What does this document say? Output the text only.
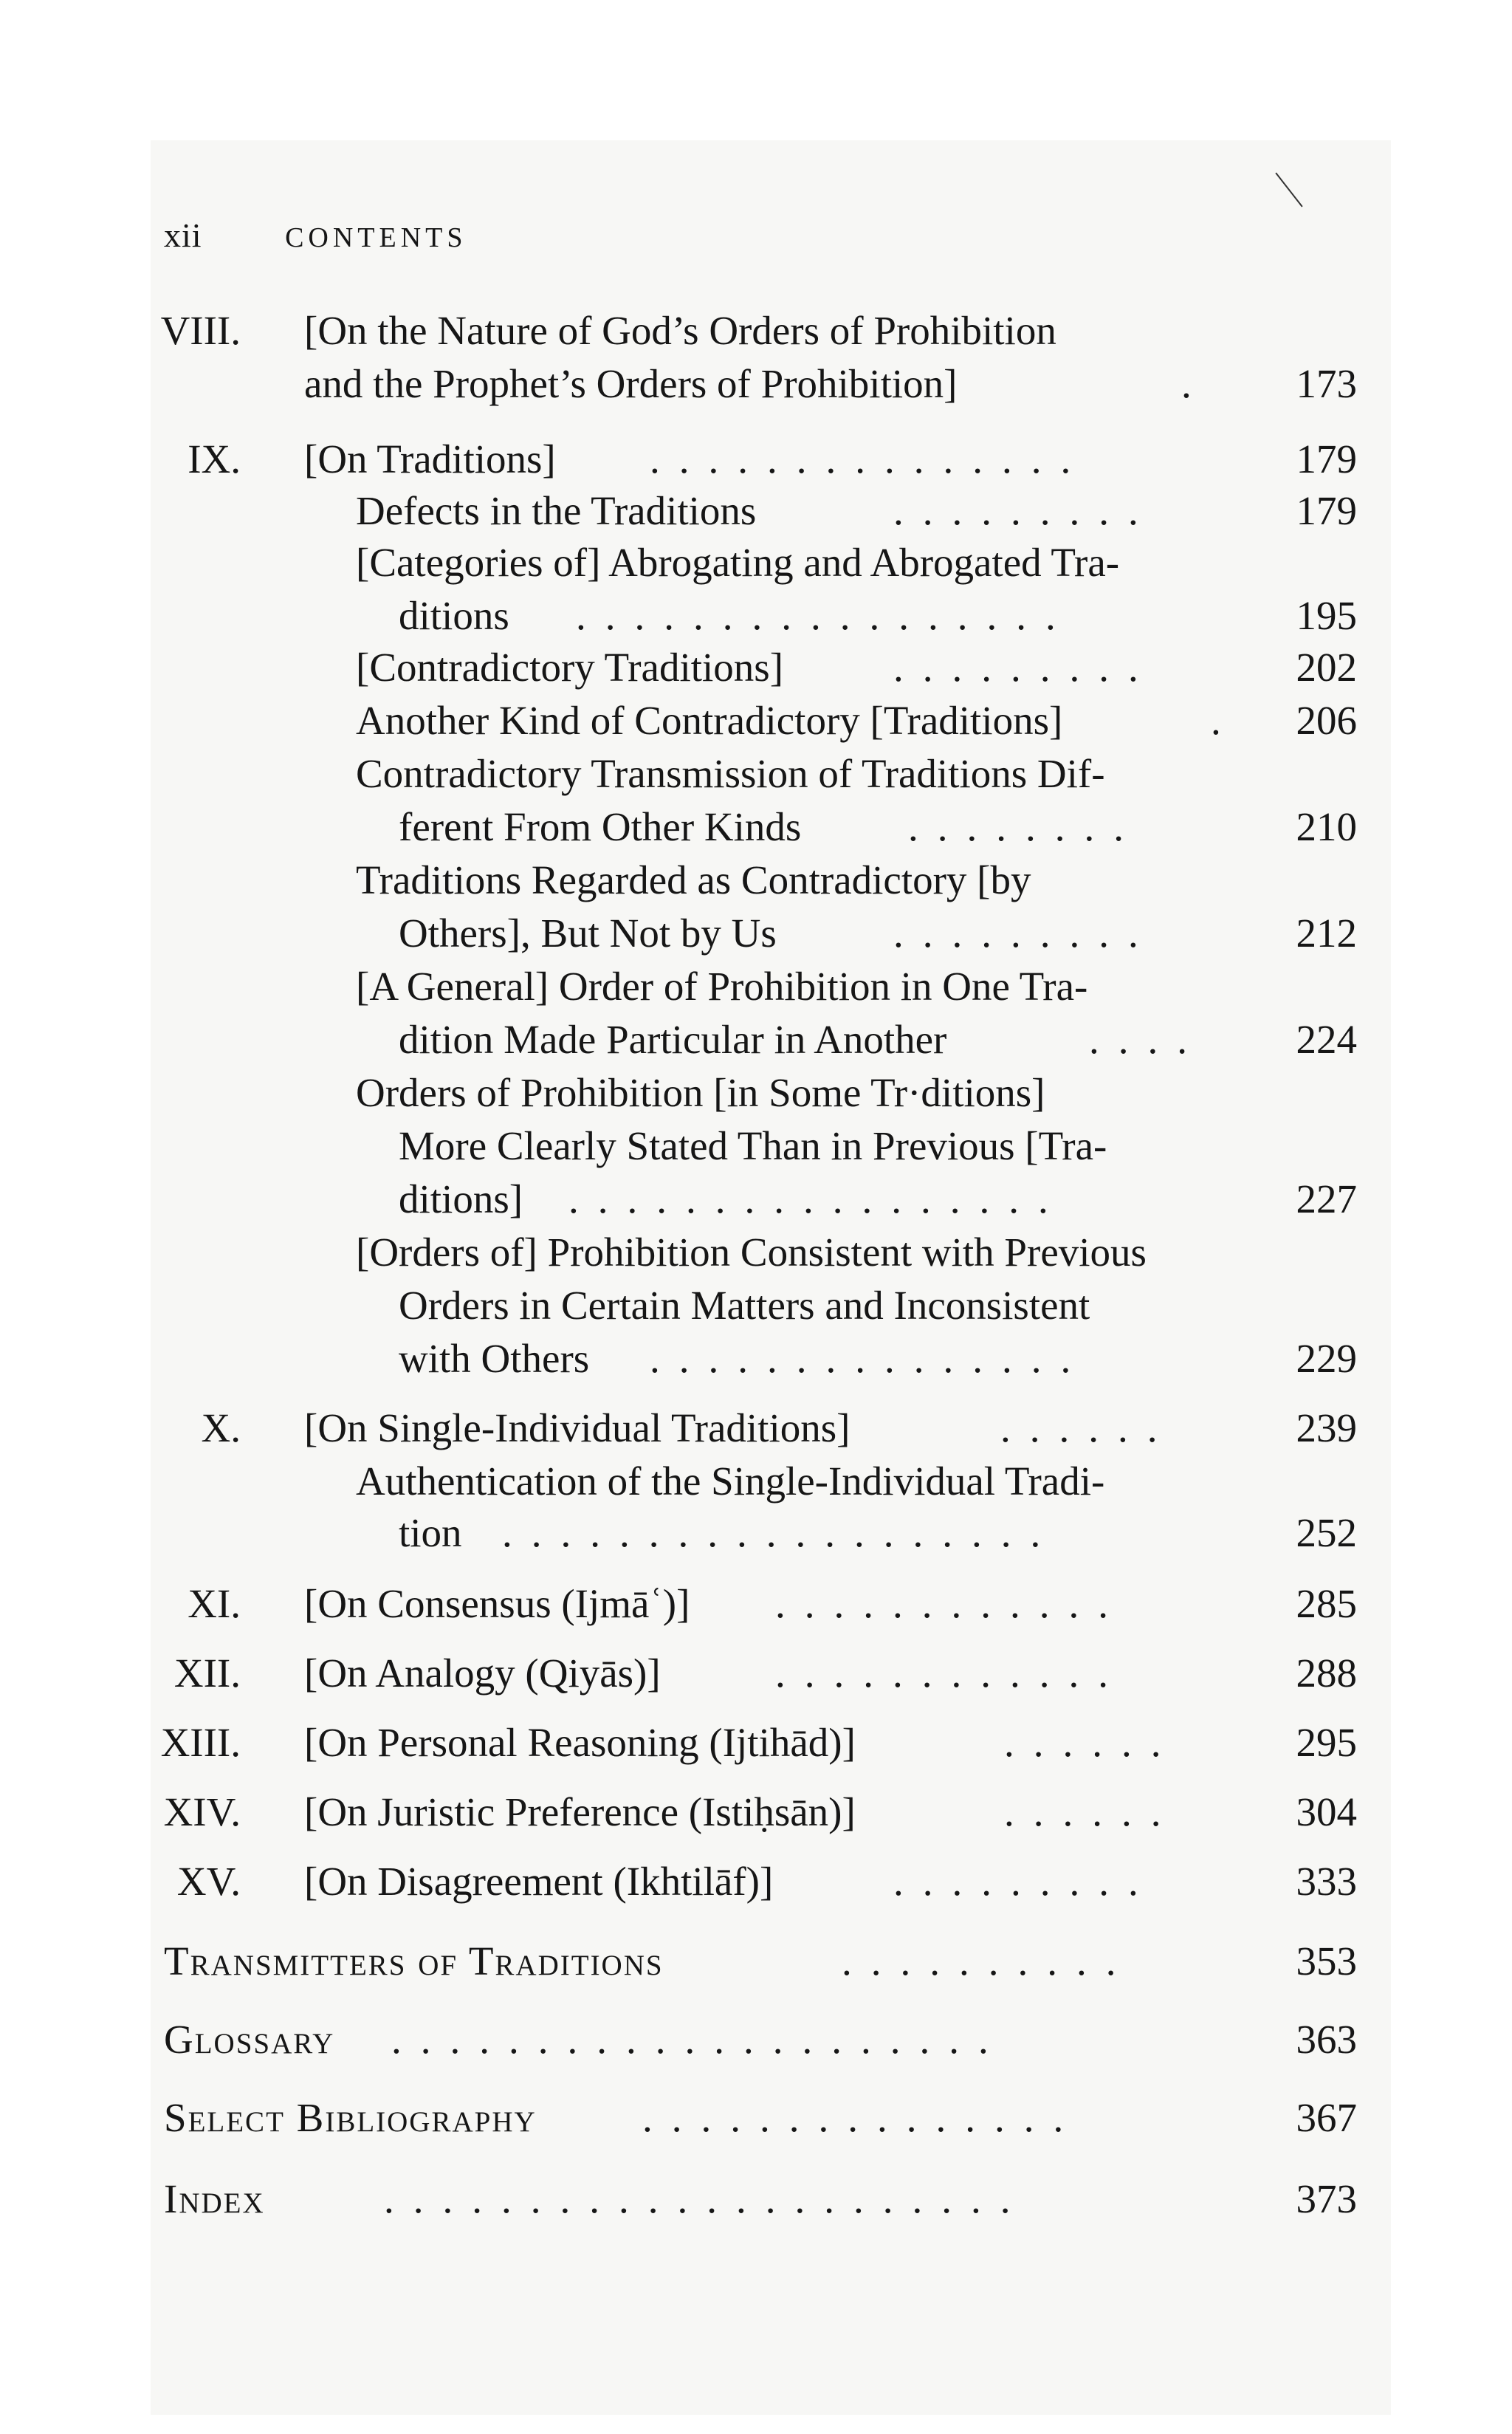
xii	CONTENTS
VIII. [On the Nature of God’s Orders of Prohibition
and the Prophet’s Orders of Prohibition]	. 173
IX. [On Traditions] ...............	179
Defects in the Traditions	.........	179
[Categories of] Abrogating and Abrogated Tra-
ditions .................	195
[Contradictory Traditions]	.........	202
Another Kind of Contradictory [Traditions]	. 206
Contradictory Transmission of Traditions Dif-
ferent From Other Kinds	........	210
Traditions Regarded as Contradictory [by
Others], But Not by Us	.........	212
[A General] Order of Prohibition in One Tra-
dition Made Particular in Another	.... 224
Orders of Prohibition [in Some Tr·ditions]
More Clearly Stated Than in Previous [Tra-
ditions] .................	227
[Orders of] Prohibition Consistent with Previous
Orders in Certain Matters and Inconsistent
with Others ...............	229
X. [On Single-Individual Traditions]	......	239
Authentication of the Single-Individual Tradi-
tion ...................	252
XI. [On Consensus (Ijmāʿ)] ............	285
XII. [On Analogy (Qiyās)]	............	288
XIII. [On Personal Reasoning (Ijtihād)]	......	295
XIV. [On Juristic Preference (Istiḥsān)]	......	304
XV. [On Disagreement (Ikhtilāf)]	.........	333
Transmitters of Traditions	..........	353
Glossary .....................	363
Select Bibliography	...............	367
Index	......................	373
